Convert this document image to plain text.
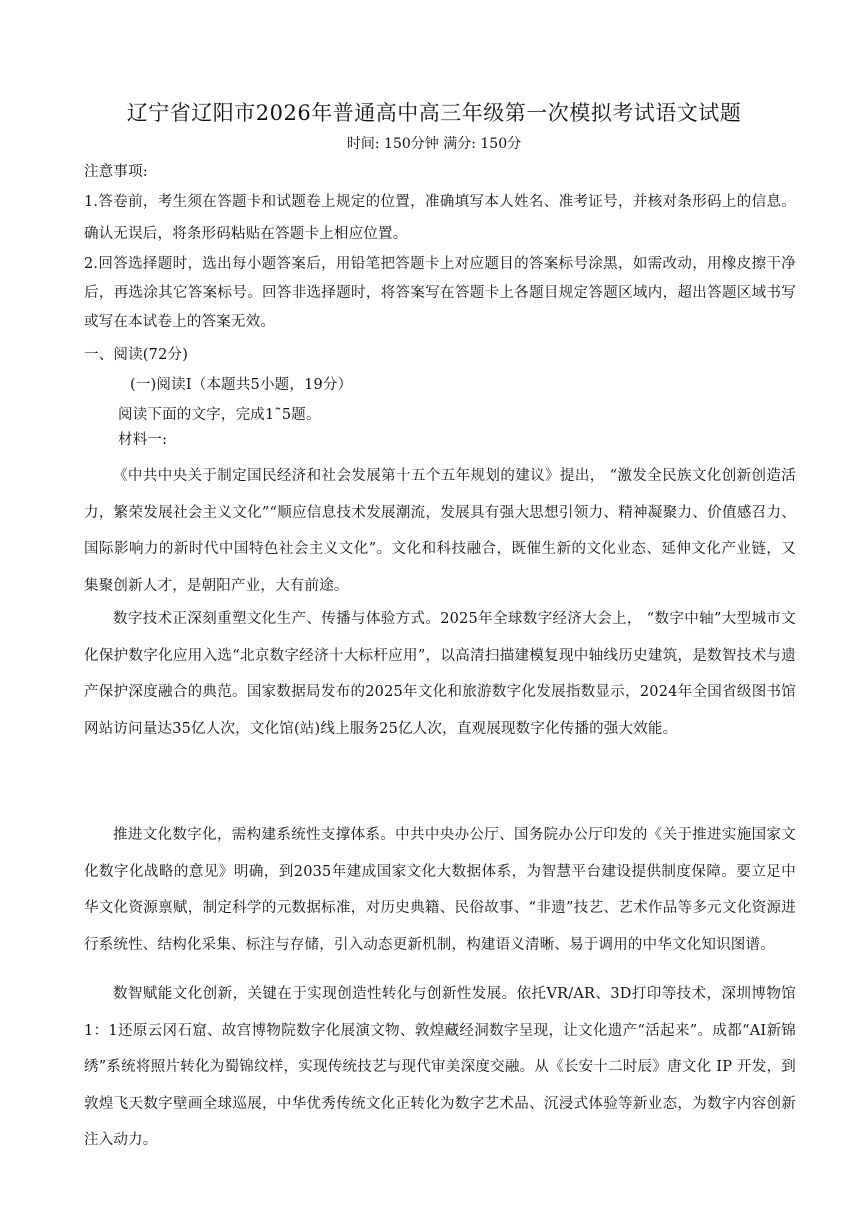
辽宁省辽阳市2026年普通高中高三年级第一次模拟考试语文试题
时间: 150分钟 满分: 150分
注意事项:
1.答卷前，考生须在答题卡和试题卷上规定的位置，准确填写本人姓名、准考证号，并核对条形码上的信息。确认无误后，将条形码粘贴在答题卡上相应位置。
2.回答选择题时，选出每小题答案后，用铅笔把答题卡上对应题目的答案标号涂黑，如需改动，用橡皮擦干净后，再选涂其它答案标号。回答非选择题时，将答案写在答题卡上各题目规定答题区域内，超出答题区域书写或写在本试卷上的答案无效。
一、阅读(72分)
(一)阅读Ⅰ（本题共5小题，19分）
阅读下面的文字，完成1˜5题。
材料一:
《中共中央关于制定国民经济和社会发展第十五个五年规划的建议》提出， “激发全民族文化创新创造活力，繁荣发展社会主义文化”“顺应信息技术发展潮流，发展具有强大思想引领力、精神凝聚力、价值感召力、国际影响力的新时代中国特色社会主义文化”。文化和科技融合，既催生新的文化业态、延伸文化产业链，又集聚创新人才，是朝阳产业，大有前途。
数字技术正深刻重塑文化生产、传播与体验方式。2025年全球数字经济大会上， “数字中轴”大型城市文化保护数字化应用入选“北京数字经济十大标杆应用”，以高清扫描建模复现中轴线历史建筑，是数智技术与遗产保护深度融合的典范。国家数据局发布的2025年文化和旅游数字化发展指数显示，2024年全国省级图书馆网站访问量达35亿人次，文化馆(站)线上服务25亿人次，直观展现数字化传播的强大效能。
推进文化数字化，需构建系统性支撑体系。中共中央办公厅、国务院办公厅印发的《关于推进实施国家文化数字化战略的意见》明确，到2035年建成国家文化大数据体系，为智慧平台建设提供制度保障。要立足中华文化资源禀赋，制定科学的元数据标准，对历史典籍、民俗故事、“非遗”技艺、艺术作品等多元文化资源进行系统性、结构化采集、标注与存储，引入动态更新机制，构建语义清晰、易于调用的中华文化知识图谱。
数智赋能文化创新，关键在于实现创造性转化与创新性发展。依托VR/AR、3D打印等技术，深圳博物馆1：1还原云冈石窟、故宫博物院数字化展演文物、敦煌藏经洞数字呈现，让文化遗产“活起来”。成都“AI新锦绣”系统将照片转化为蜀锦纹样，实现传统技艺与现代审美深度交融。从《长安十二时辰》唐文化 IP 开发，到敦煌飞天数字壁画全球巡展，中华优秀传统文化正转化为数字艺术品、沉浸式体验等新业态，为数字内容创新注入动力。
